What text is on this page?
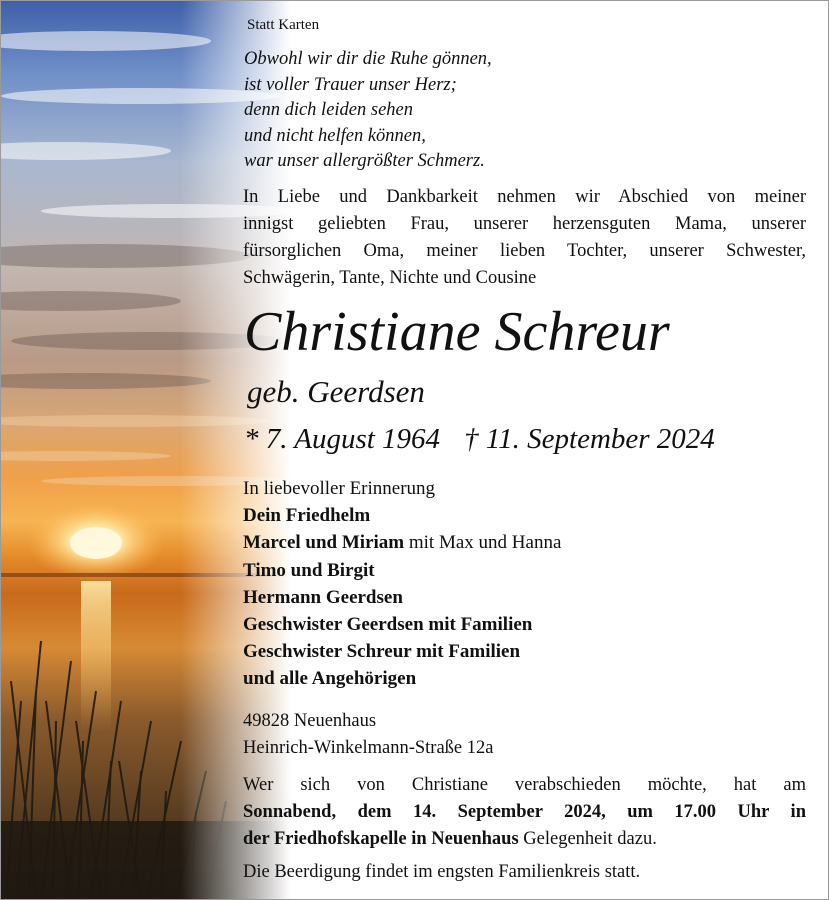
Statt Karten
Obwohl wir dir die Ruhe gönnen,
ist voller Trauer unser Herz;
denn dich leiden sehen
und nicht helfen können,
war unser allergrößter Schmerz.
In Liebe und Dankbarkeit nehmen wir Abschied von meiner
innigst geliebten Frau, unserer herzensguten Mama, unserer
fürsorglichen Oma, meiner lieben Tochter, unserer Schwester,
Schwägerin, Tante, Nichte und Cousine
Christiane Schreur
geb. Geerdsen
* 7. August 1964 † 11. September 2024
In liebevoller Erinnerung
Dein Friedhelm
Marcel und Miriam mit Max und Hanna
Timo und Birgit
Hermann Geerdsen
Geschwister Geerdsen mit Familien
Geschwister Schreur mit Familien
und alle Angehörigen
49828 Neuenhaus
Heinrich-Winkelmann-Straße 12a
Wer sich von Christiane verabschieden möchte, hat am
Sonnabend, dem 14. September 2024, um 17.00 Uhr in
der Friedhofskapelle in Neuenhaus Gelegenheit dazu.
Die Beerdigung findet im engsten Familienkreis statt.
